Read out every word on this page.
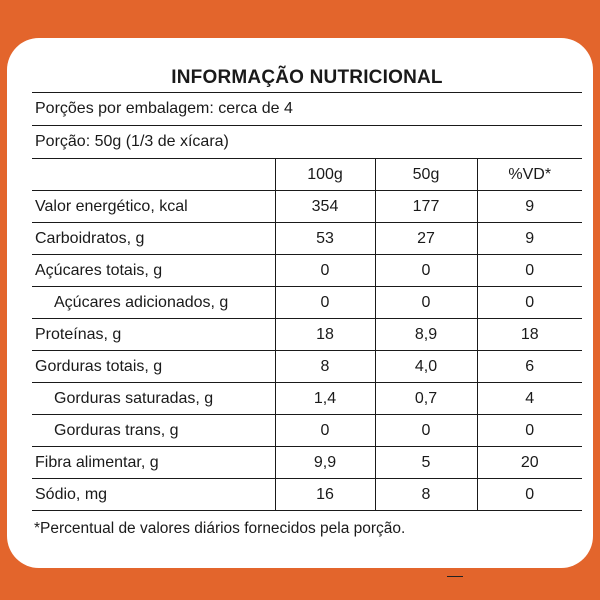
INFORMAÇÃO NUTRICIONAL
Porções por embalagem: cerca de 4
Porção: 50g (1/3 de xícara)
	100g	50g	%VD*
Valor energético, kcal	354	177	9
Carboidratos, g	53	27	9
Açúcares totais, g	0	0	0
Açúcares adicionados, g	0	0	0
Proteínas, g	18	8,9	18
Gorduras totais, g	8	4,0	6
Gorduras saturadas, g	1,4	0,7	4
Gorduras trans, g	0	0	0
Fibra alimentar, g	9,9	5	20
Sódio, mg	16	8	0
*Percentual de valores diários fornecidos pela porção.
